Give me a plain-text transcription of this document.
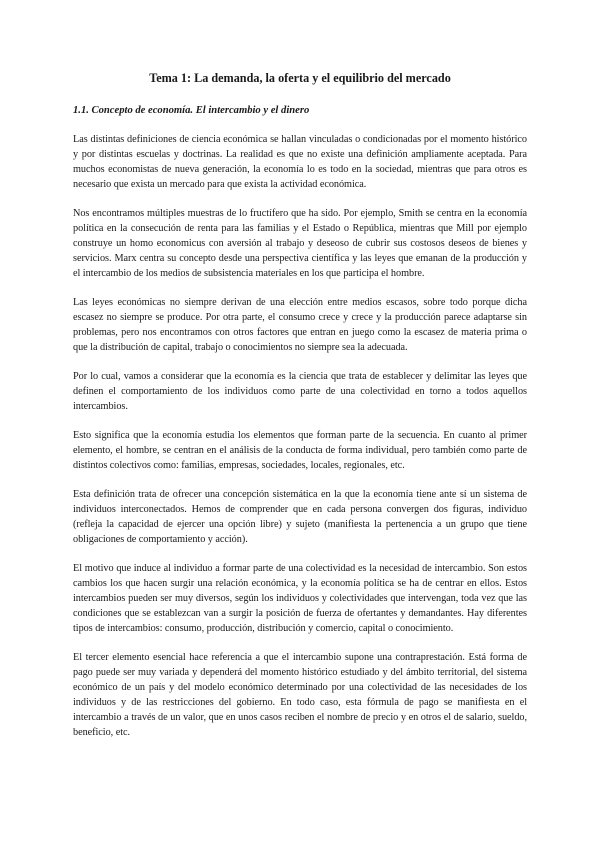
Tema 1: La demanda, la oferta y el equilibrio del mercado
1.1. Concepto de economía. El intercambio y el dinero

Las distintas definiciones de ciencia económica se hallan vinculadas o condicionadas por el momento histórico y por distintas escuelas y doctrinas. La realidad es que no existe una definición ampliamente aceptada. Para muchos economistas de nueva generación, la economía lo es todo en la sociedad, mientras que para otros es necesario que exista un mercado para que exista la actividad económica.

Nos encontramos múltiples muestras de lo fructífero que ha sido. Por ejemplo, Smith se centra en la economía política en la consecución de renta para las familias y el Estado o República, mientras que Mill por ejemplo construye un homo economicus con aversión al trabajo y deseoso de cubrir sus costosos deseos de bienes y servicios. Marx centra su concepto desde una perspectiva científica y las leyes que emanan de la producción y el intercambio de los medios de subsistencia materiales en los que participa el hombre.

Las leyes económicas no siempre derivan de una elección entre medios escasos, sobre todo porque dicha escasez no siempre se produce. Por otra parte, el consumo crece y crece y la producción parece adaptarse sin problemas, pero nos encontramos con otros factores que entran en juego como la escasez de materia prima o que la distribución de capital, trabajo o conocimientos no siempre sea la adecuada.

Por lo cual, vamos a considerar que la economía es la ciencia que trata de establecer y delimitar las leyes que definen el comportamiento de los individuos como parte de una colectividad en torno a todos aquellos intercambios.

Esto significa que la economía estudia los elementos que forman parte de la secuencia. En cuanto al primer elemento, el hombre, se centran en el análisis de la conducta de forma individual, pero también como parte de distintos colectivos como: familias, empresas, sociedades, locales, regionales, etc.

Esta definición trata de ofrecer una concepción sistemática en la que la economía tiene ante sí un sistema de individuos interconectados. Hemos de comprender que en cada persona convergen dos figuras, individuo (refleja la capacidad de ejercer una opción libre) y sujeto (manifiesta la pertenencia a un grupo que tiene obligaciones de comportamiento y acción).

El motivo que induce al individuo a formar parte de una colectividad es la necesidad de intercambio. Son estos cambios los que hacen surgir una relación económica, y la economía política se ha de centrar en ellos. Estos intercambios pueden ser muy diversos, según los individuos y colectividades que intervengan, toda vez que las condiciones que se establezcan van a surgir la posición de fuerza de ofertantes y demandantes. Hay diferentes tipos de intercambios: consumo, producción, distribución y comercio, capital o conocimiento.

El tercer elemento esencial hace referencia a que el intercambio supone una contraprestación. Está forma de pago puede ser muy variada y dependerá del momento histórico estudiado y del ámbito territorial, del sistema económico de un país y del modelo económico determinado por una colectividad de las necesidades de los individuos y de las restricciones del gobierno. En todo caso, esta fórmula de pago se manifiesta en el intercambio a través de un valor, que en unos casos reciben el nombre de precio y en otros el de salario, sueldo, beneficio, etc.
